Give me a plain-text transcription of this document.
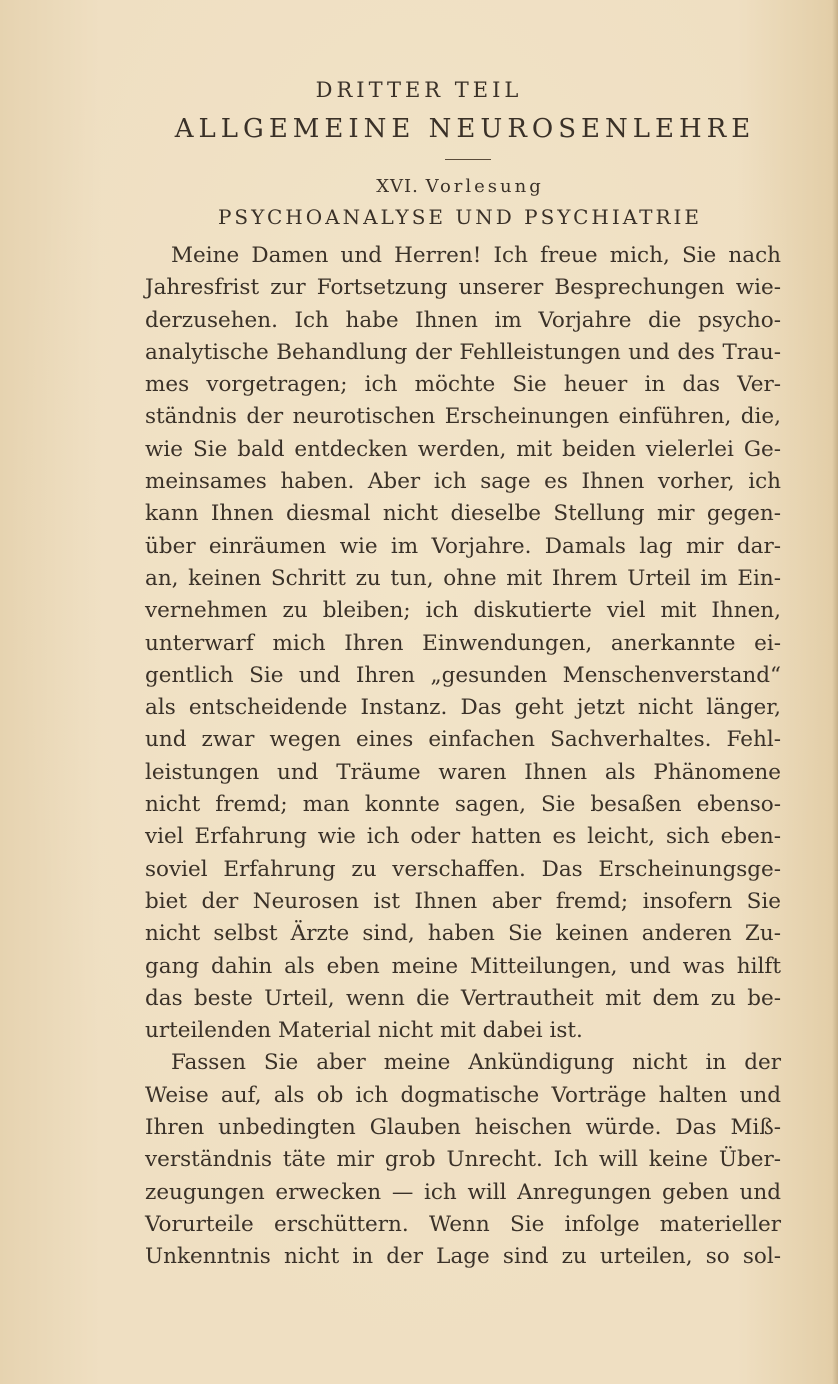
DRITTER TEIL
ALLGEMEINE NEUROSENLEHRE
XVI. Vorlesung
PSYCHOANALYSE UND PSYCHIATRIE
Meine Damen und Herren! Ich freue mich, Sie nach
Jahresfrist zur Fortsetzung unserer Besprechungen wie-
derzusehen. Ich habe Ihnen im Vorjahre die psycho-
analytische Behandlung der Fehlleistungen und des Trau-
mes vorgetragen; ich möchte Sie heuer in das Ver-
ständnis der neurotischen Erscheinungen einführen, die,
wie Sie bald entdecken werden, mit beiden vielerlei Ge-
meinsames haben. Aber ich sage es Ihnen vorher, ich
kann Ihnen diesmal nicht dieselbe Stellung mir gegen-
über einräumen wie im Vorjahre. Damals lag mir dar-
an, keinen Schritt zu tun, ohne mit Ihrem Urteil im Ein-
vernehmen zu bleiben; ich diskutierte viel mit Ihnen,
unterwarf mich Ihren Einwendungen, anerkannte ei-
gentlich Sie und Ihren „gesunden Menschenverstand“
als entscheidende Instanz. Das geht jetzt nicht länger,
und zwar wegen eines einfachen Sachverhaltes. Fehl-
leistungen und Träume waren Ihnen als Phänomene
nicht fremd; man konnte sagen, Sie besaßen ebenso-
viel Erfahrung wie ich oder hatten es leicht, sich eben-
soviel Erfahrung zu verschaffen. Das Erscheinungsge-
biet der Neurosen ist Ihnen aber fremd; insofern Sie
nicht selbst Ärzte sind, haben Sie keinen anderen Zu-
gang dahin als eben meine Mitteilungen, und was hilft
das beste Urteil, wenn die Vertrautheit mit dem zu be-
urteilenden Material nicht mit dabei ist.
Fassen Sie aber meine Ankündigung nicht in der
Weise auf, als ob ich dogmatische Vorträge halten und
Ihren unbedingten Glauben heischen würde. Das Miß-
verständnis täte mir grob Unrecht. Ich will keine Über-
zeugungen erwecken — ich will Anregungen geben und
Vorurteile erschüttern. Wenn Sie infolge materieller
Unkenntnis nicht in der Lage sind zu urteilen, so sol-
